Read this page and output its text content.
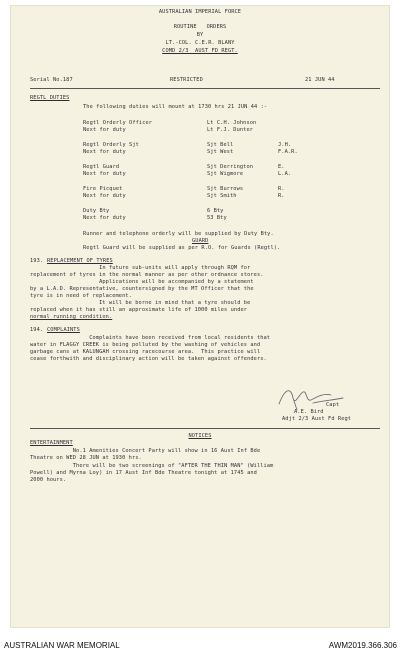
AUSTRALIAN IMPERIAL FORCE
ROUTINE   ORDERS
BY
LT.-COL. C.E.R. BLANY
COMD 2/3  AUST FD REGT.
Serial No.187	RESTRICTED	21 JUN 44
REGTL DUTIES
The following duties will mount at 1730 hrs 21 JUN 44 :-
Regtl Orderly Officer	Lt C.H. Johnson
Next for duty	Lt F.J. Dunter
Regtl Orderly Sjt	Sjt Bell	J.H.
Next for duty	Sjt West	F.A.R.
Regtl Guard	Sjt Derrington	E.
Next for duty	Sjt Wigmore	L.A.
Fire Picquet	Sjt Burrows	R.
Next for duty	Sjt Smith	R.
Duty Bty	6 Bty
Next for duty	53 Bty
Runner and telephone orderly will be supplied by Duty Bty.
GUARD
Regtl Guard will be supplied as per R.O. for Guards (Regtl).
193. REPLACEMENT OF TYRES
In future sub-units will apply through RQM for
replacement of tyres in the normal manner as per other ordnance stores.
Applications will be accompanied by a statement
by a L.A.D. Representative, countersigned by the MT Officer that the
tyre is in need of replacement.
It will be borne in mind that a tyre should be
replaced when it has still an approximate life of 1000 miles under
normal running condition.
194. COMPLAINTS
Complaints have been received from local residents that
water in FLAGGY CREEK is being polluted by the washing of vehicles and
garbage cans at KALUNGAH crossing racecourse area.  This practice will
cease forthwith and disciplinary action will be taken against offenders.
Capt
A.E. Bird
Adjt 2/3 Aust Fd Regt
NOTICES
ENTERTAINMENT
No.1 Amenities Concert Party will show in 16 Aust Inf Bde
Theatre on WED 28 JUN at 1930 hrs.
There will be two screenings of "AFTER THE THIN MAN" (William
Powell) and Myrna Loy) in 17 Aust Inf Bde Theatre tonight at 1745 and
2000 hours.
AUSTRALIAN WAR MEMORIAL	AWM2019.366.306
